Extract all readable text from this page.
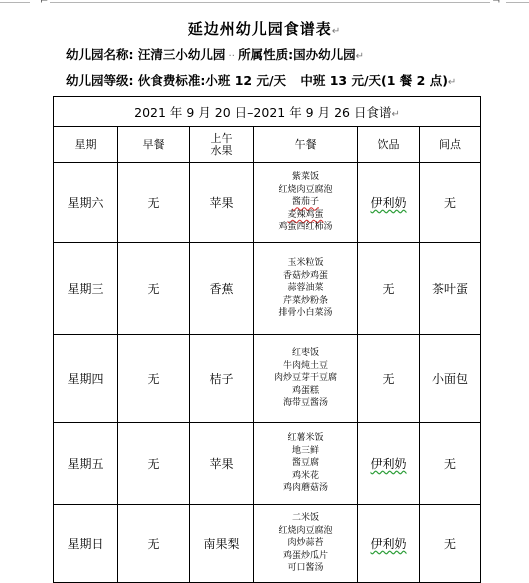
⌐	¬
延边州幼儿园食谱表↵
幼儿园名称: 汪清三小幼儿园 ·· 所属性质:国办幼儿园↵
幼儿园等级: 伙食费标准:小班 12 元/天 中班 13 元/天(1 餐 2 点)↵
2021 年 9 月 20 日–2021 年 9 月 26 日食谱↵					
星期	早餐	上午水果	午餐	饮品	间点
星期六	无	苹果	紫菜饭
红烧肉豆腐泡
酱茄子
麦辣鸡蛋
鸡蛋西红柿汤	伊利奶	无
星期三	无	香蕉	玉米粒饭
香菇炒鸡蛋
蒜蓉油菜
芹菜炒粉条
排骨小白菜汤	无	茶叶蛋
星期四	无	桔子	红枣饭
牛肉炖土豆
肉炒豆芽干豆腐
鸡蛋糕
海带豆酱汤	无	小面包
星期五	无	苹果	红薯米饭
地三鲜
酱豆腐
鸡米花
鸡肉蘑菇汤	伊利奶	无
星期日	无	南果梨	二米饭
红烧肉豆腐泡
肉炒蒜苔
鸡蛋炒瓜片
可口酱汤	伊利奶	无
